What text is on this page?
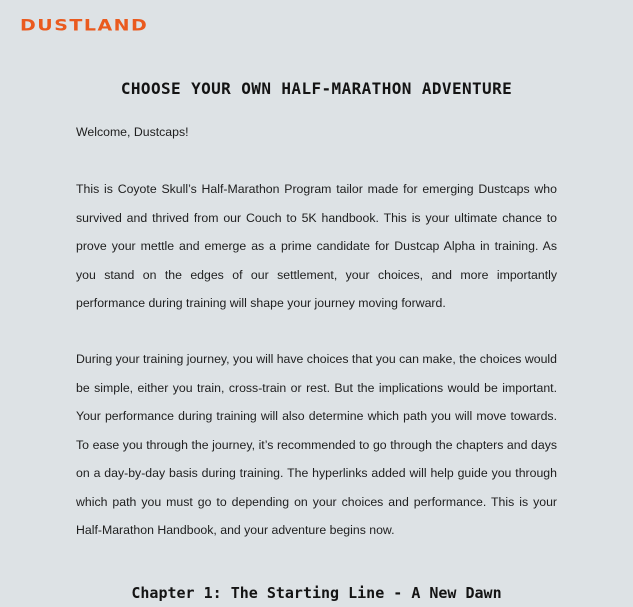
DUSTLAND
CHOOSE YOUR OWN HALF-MARATHON ADVENTURE
Welcome, Dustcaps!
This is Coyote Skull’s Half-Marathon Program tailor made for emerging Dustcaps who survived and thrived from our Couch to 5K handbook. This is your ultimate chance to prove your mettle and emerge as a prime candidate for Dustcap Alpha in training. As you stand on the edges of our settlement, your choices, and more importantly performance during training will shape your journey moving forward.
During your training journey, you will have choices that you can make, the choices would be simple, either you train, cross-train or rest. But the implications would be important. Your performance during training will also determine which path you will move towards. To ease you through the journey, it’s recommended to go through the chapters and days on a day-by-day basis during training. The hyperlinks added will help guide you through which path you must go to depending on your choices and performance. This is your Half-Marathon Handbook, and your adventure begins now.
Chapter 1: The Starting Line - A New Dawn
